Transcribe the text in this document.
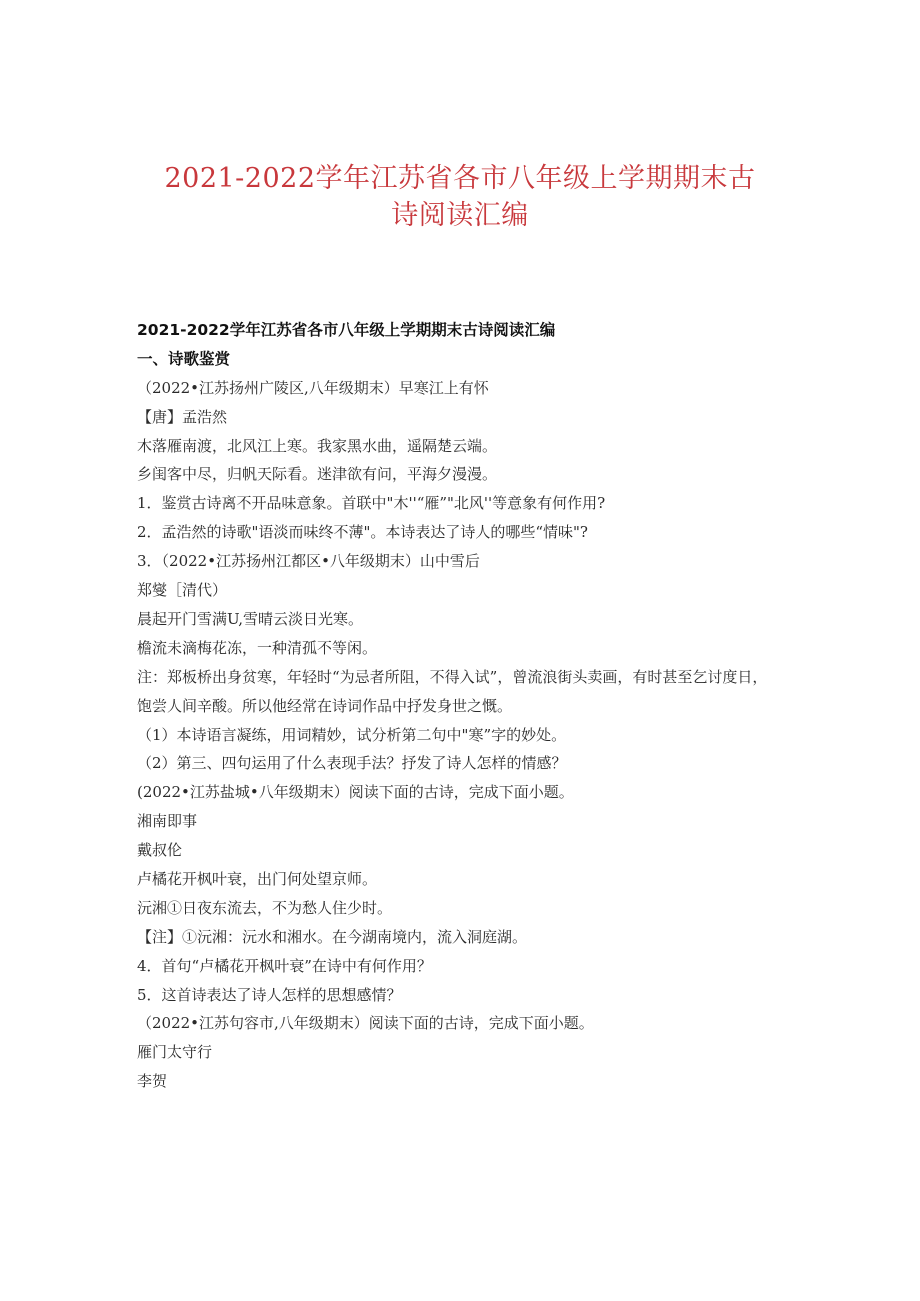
2021-2022学年江苏省各市八年级上学期期末古
诗阅读汇编

2021-2022学年江苏省各市八年级上学期期末古诗阅读汇编

一、诗歌鉴赏

（2022•江苏扬州广陵区,八年级期末）早寒江上有怀

【唐】孟浩然

木落雁南渡，北风江上寒。我家黑水曲，遥隔楚云端。

乡闺客中尽，归帆天际看。迷津欲有问，平海夕漫漫。

1．鉴赏古诗离不开品味意象。首联中"木''“雁”"北风''等意象有何作用?

2．孟浩然的诗歌"语淡而味终不薄"。本诗表达了诗人的哪些“情味"?

3．（2022•江苏扬州江都区•八年级期末）山中雪后

郑燮［清代）

晨起开门雪满U,雪晴云淡日光寒。

檐流未滴梅花冻，一种清孤不等闲。

注：郑板桥出身贫寒，年轻时“为忌者所阻，不得入试”，曾流浪街头卖画，有时甚至乞讨度日，饱尝人间辛酸。所以他经常在诗词作品中抒发身世之慨。

（1）本诗语言凝练，用词精妙，试分析第二句中"寒”字的妙处。

（2）第三、四句运用了什么表现手法？抒发了诗人怎样的情感？

(2022•江苏盐城•八年级期末）阅读下面的古诗，完成下面小题。

湘南即事

戴叔伦

卢橘花开枫叶衰，出门何处望京师。

沅湘①日夜东流去，不为愁人住少时。

【注】①沅湘：沅水和湘水。在今湖南境内，流入洞庭湖。

4．首句“卢橘花开枫叶衰”在诗中有何作用？

5．这首诗表达了诗人怎样的思想感情？

（2022•江苏句容市,八年级期末）阅读下面的古诗，完成下面小题。

雁门太守行

李贺
